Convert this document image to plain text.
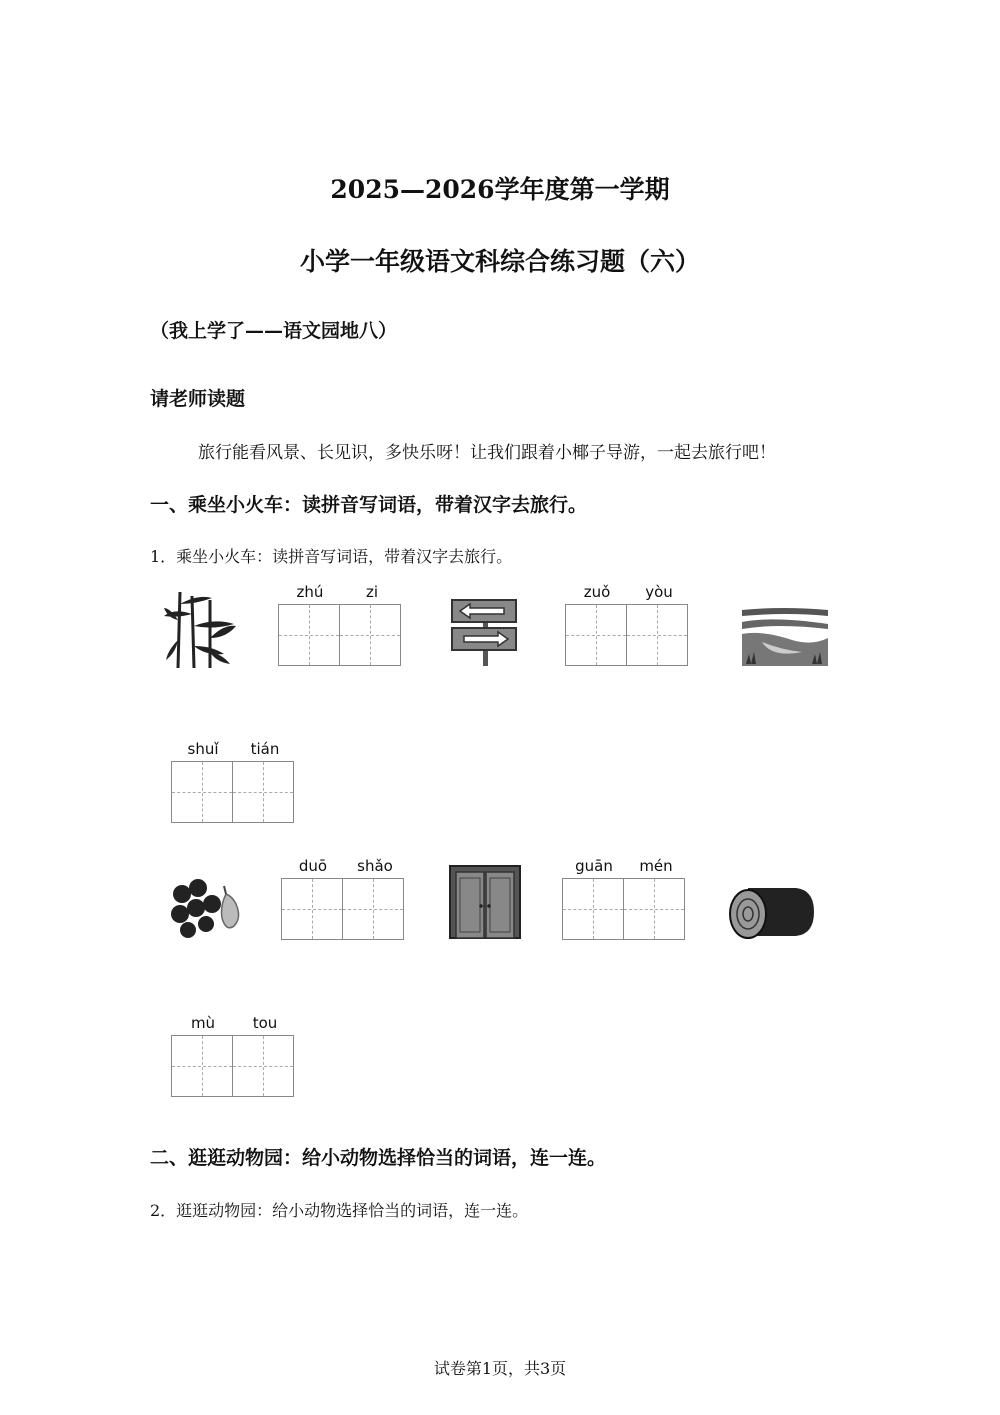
2025—2026学年度第一学期
小学一年级语文科综合练习题（六）
（我上学了——语文园地八）
请老师读题
旅行能看风景、长见识，多快乐呀！让我们跟着小椰子导游，一起去旅行吧！
一、乘坐小火车：读拼音写词语，带着汉字去旅行。
1．乘坐小火车：读拼音写词语，带着汉字去旅行。
zhú	zi	zuǒ	yòu
shuǐ	tián
duō	shǎo	guān	mén
mù	tou
二、逛逛动物园：给小动物选择恰当的词语，连一连。
2．逛逛动物园：给小动物选择恰当的词语，连一连。
试卷第1页，共3页
